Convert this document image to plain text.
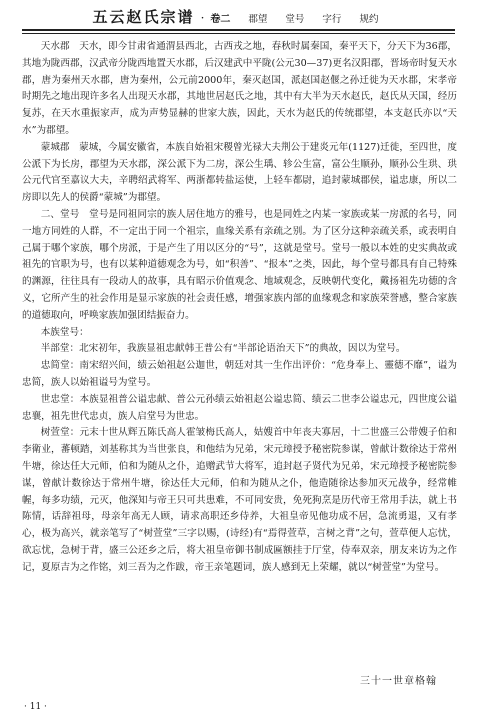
五云赵氏宗谱 · 卷二 郡望 堂号 字行 规约

天水郡　天水，即今甘肃省通渭县西北，古西戎之地，春秋时属秦国，秦平天下，分天下为36郡，其地为陇西郡，汉武帝分陇西地置天水郡，后汉建武中平陇(公元30—37)更名汉阳郡，晋场帝时复天水郡，唐为秦州天水郡，唐为秦州，公元前2000年，秦灭赵国，派赵国赵偃之孙迁徙为天水郡，宋孝帝时期先之地出现许多名人出现天水郡，其地世居赵氏之地，其中有大半为天水赵氏，赵氏从天国，经历复苏，在天水重振家声，成为声势显赫的世家大族，因此，天水为赵氏的传统郡望，本支赵氏亦以“天水”为郡望。

蒙城郡　蒙城，今属安徽省，本族自始祖宋稷曾光禄大夫荆公于建炎元年(1127)迁徙，至四世，度公派下为长房，郡望为天水郡，深公派下为二房，深公生瑀、轸公生富，富公生顺孙，顺孙公生珙、珙公元代官至嘉议大夫，辛聘绍武将军、两浙都转盐运使，上轻车都尉，追封蒙城郡侯，谥忠康，所以二房即以先人的侯爵“蒙城”为郡望。

二、堂号　堂号是同祖同宗的族人居住地方的雅号，也是同姓之内某一家族或某一房派的名号，同一地方同姓的人群，不一定出于同一个祖宗，血缘关系有亲疏之别。为了区分这种亲疏关系，或表明自己属于哪个家族，哪个房派，于是产生了用以区分的“号”，这就是堂号。堂号一般以本姓的史实典故或祖先的官职为号，也有以某种道德观念为号，如“积善”、“报本”之类，因此，每个堂号都具有自己特殊的渊源，往往具有一段动人的故事，具有昭示价值观念、地域观念，反映朝代变化，戴扬祖先功德的含义，它所产生的社会作用是显示家族的社会责任感，增强家族内部的血缘观念和家族荣誉感，整合家族的道德取向，呼唤家族加强团结振奋力。

本族堂号：

半部堂：北宋初年，我族显祖忠献韩王普公有“半部论语治天下”的典故，因以为堂号。

忠简堂：南宋绍兴间，绩云始祖赵公迦世，朝廷对其一生作出评价：“危身奉上、靈德不靡”，谥为忠简，族人以始祖谥号为堂号。

世忠堂：本族显祖普公谥忠献、普公元孙绩云始祖赵公谥忠简、绩云二世李公谥忠元，四世度公谥忠襄，祖先世代忠贞，族人启堂号为世忠。

树萱堂：元末十世从辉五陈氏高人霍皱梅氏高人，姑嫂首中年丧夫寡居，十二世盛三公带嫂子伯和李衛业，蕃顿踏，刘基称其为当世张良，和他结为兄弟，宋元璋授予秘密院参谋，曾献计数徐达于常州牛塘，徐达任大元师，伯和为随从之仆，追赠武节大将军，追封赵子贤代为兄弟，宋元璋授予秘密院参谋，曾献计数徐达于常州牛塘，徐达任大元师，伯和为随从之仆，他造随徐达参加灭元战争，经常帷幄，每多功绩，元灭，他深知与帝王只可共患难，不可同安贵，免死狗烹是历代帝王常用手法，就上书陈情，话辞祖母，母亲年高无人顾，请求高职还乡侍养，大祖皇帝见他功成不居，急流勇退，又有孝心，极为高兴，就亲笔写了“树萱堂”三字以赐，(诗经)有“焉得萱草，言树之背”之句，萱草便人忘忧，欲忘忧，急树于背，盛三公还乡之后，将大祖皇帝御书制成匾额挂于厅堂，侍奉双亲，朋友来访为之作记，夏原吉为之作铭，刘三吾为之作跋，帝王亲笔题词，族人感到无上荣耀，就以“树萱堂”为堂号。

三十一世章格翰
· 11 ·
